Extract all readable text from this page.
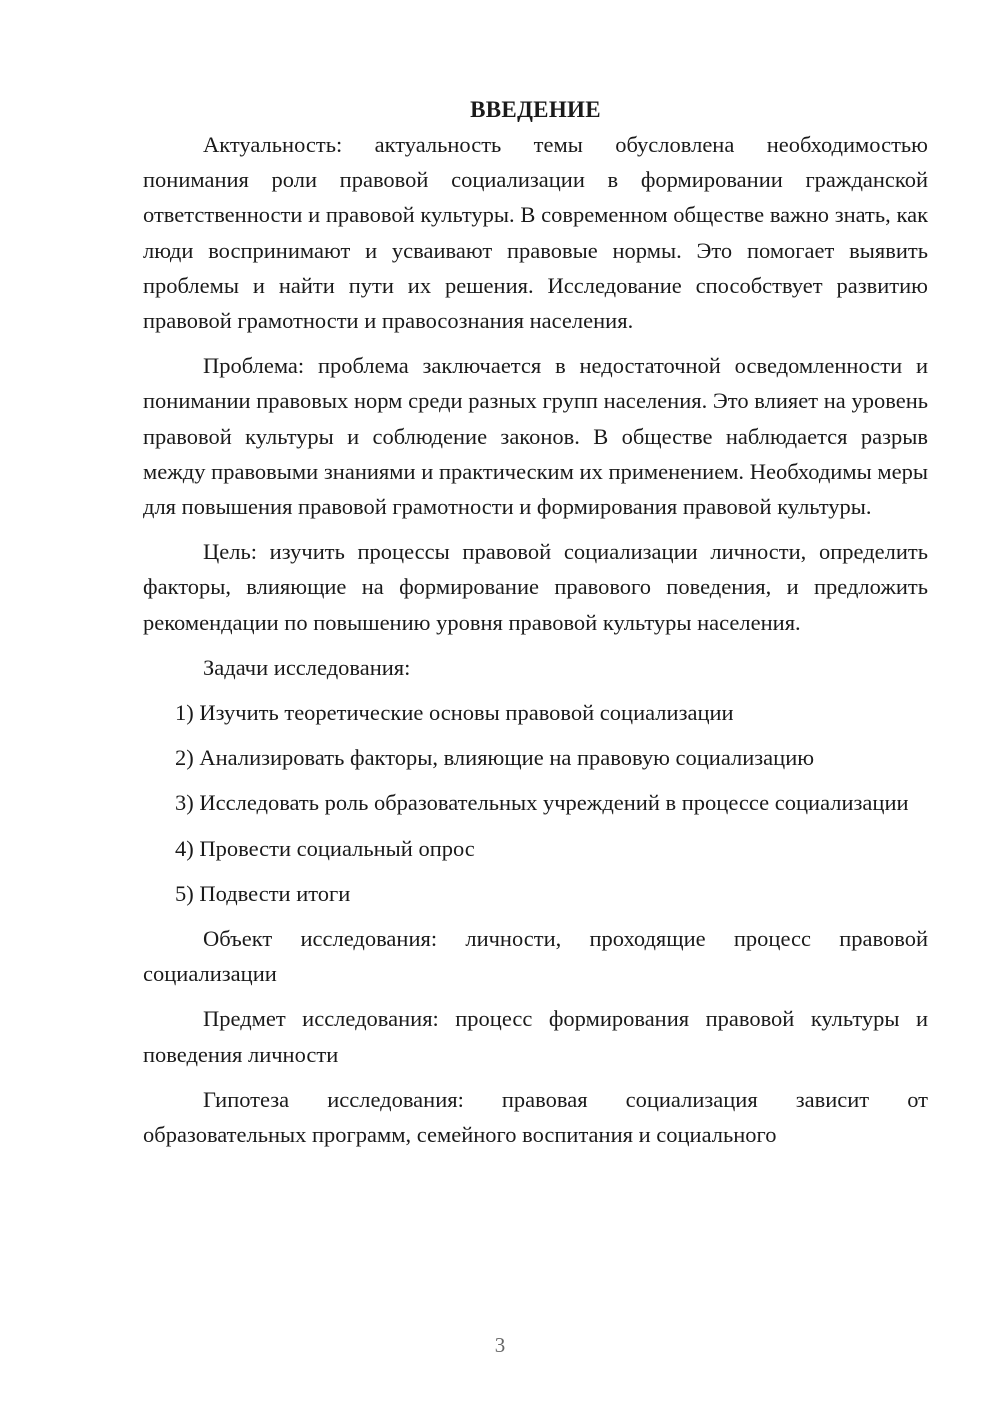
ВВЕДЕНИЕ

Актуальность: актуальность темы обусловлена необходимостью понимания роли правовой социализации в формировании гражданской ответственности и правовой культуры. В современном обществе важно знать, как люди воспринимают и усваивают правовые нормы. Это помогает выявить проблемы и найти пути их решения. Исследование способствует развитию правовой грамотности и правосознания населения.

Проблема: проблема заключается в недостаточной осведомленности и понимании правовых норм среди разных групп населения. Это влияет на уровень правовой культуры и соблюдение законов. В обществе наблюдается разрыв между правовыми знаниями и практическим их применением. Необходимы меры для повышения правовой грамотности и формирования правовой культуры.

Цель: изучить процессы правовой социализации личности, определить факторы, влияющие на формирование правового поведения, и предложить рекомендации по повышению уровня правовой культуры населения.

Задачи исследования:

1) Изучить теоретические основы правовой социализации

2) Анализировать факторы, влияющие на правовую социализацию

3) Исследовать роль образовательных учреждений в процессе социализации

4) Провести социальный опрос

5) Подвести итоги

Объект исследования: личности, проходящие процесс правовой социализации

Предмет исследования: процесс формирования правовой культуры и поведения личности

Гипотеза исследования: правовая социализация зависит от образовательных программ, семейного воспитания и социального

3
